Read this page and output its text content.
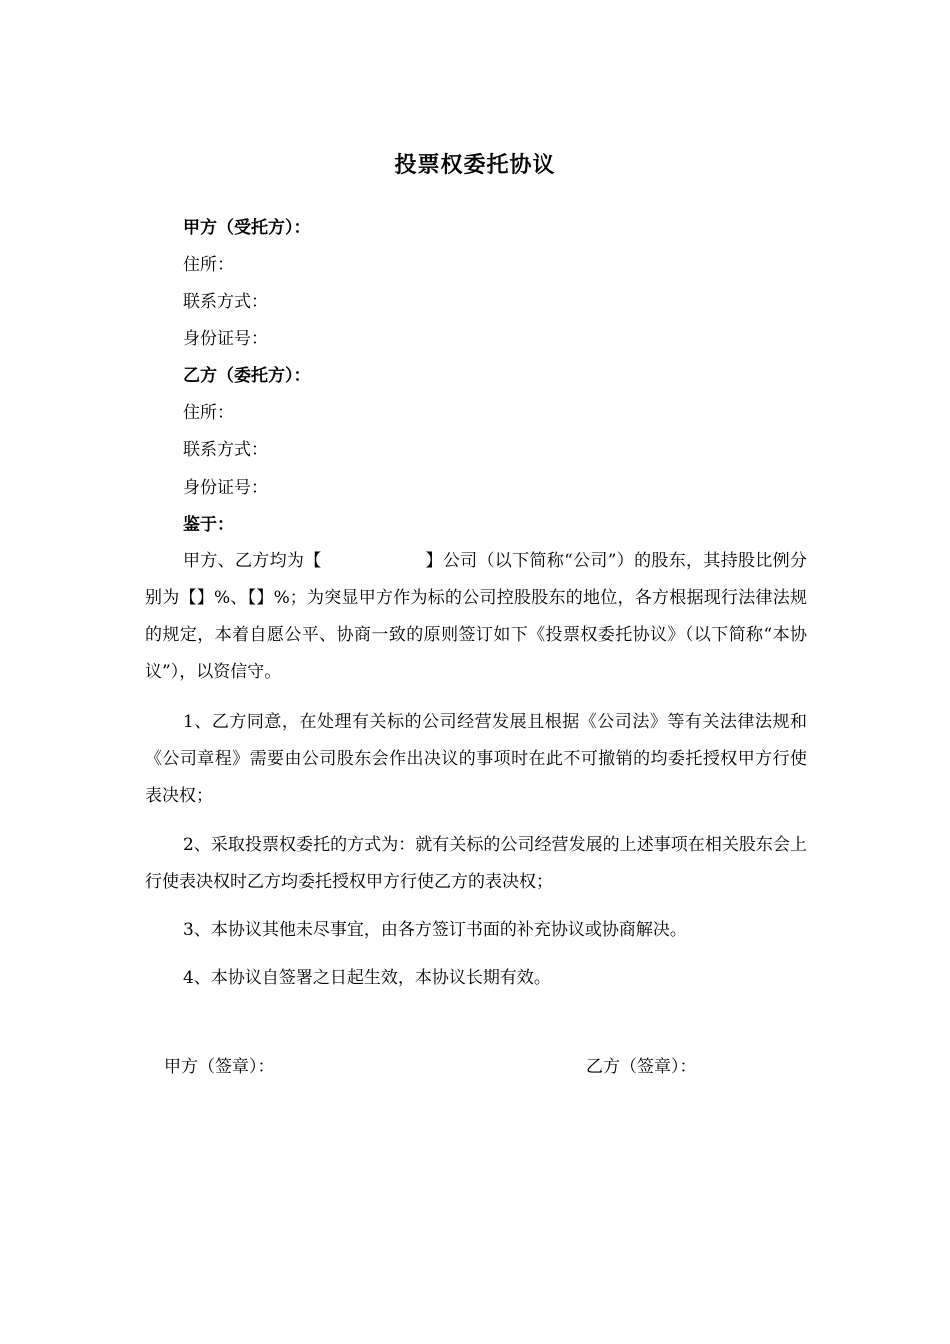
投票权委托协议
甲方（受托方）：
住所：
联系方式：
身份证号：
乙方（委托方）：
住所：
联系方式：
身份证号：
鉴于：
甲方、乙方均为【　　　　　　】公司（以下简称“公司”）的股东，其持股比例分别为【】%、【】%；为突显甲方作为标的公司控股股东的地位，各方根据现行法律法规的规定，本着自愿公平、协商一致的原则签订如下《投票权委托协议》（以下简称“本协议”），以资信守。
1、乙方同意，在处理有关标的公司经营发展且根据《公司法》等有关法律法规和《公司章程》需要由公司股东会作出决议的事项时在此不可撤销的均委托授权甲方行使表决权；
2、采取投票权委托的方式为：就有关标的公司经营发展的上述事项在相关股东会上行使表决权时乙方均委托授权甲方行使乙方的表决权；
3、本协议其他未尽事宜，由各方签订书面的补充协议或协商解决。
4、本协议自签署之日起生效，本协议长期有效。
甲方（签章）：	乙方（签章）：
